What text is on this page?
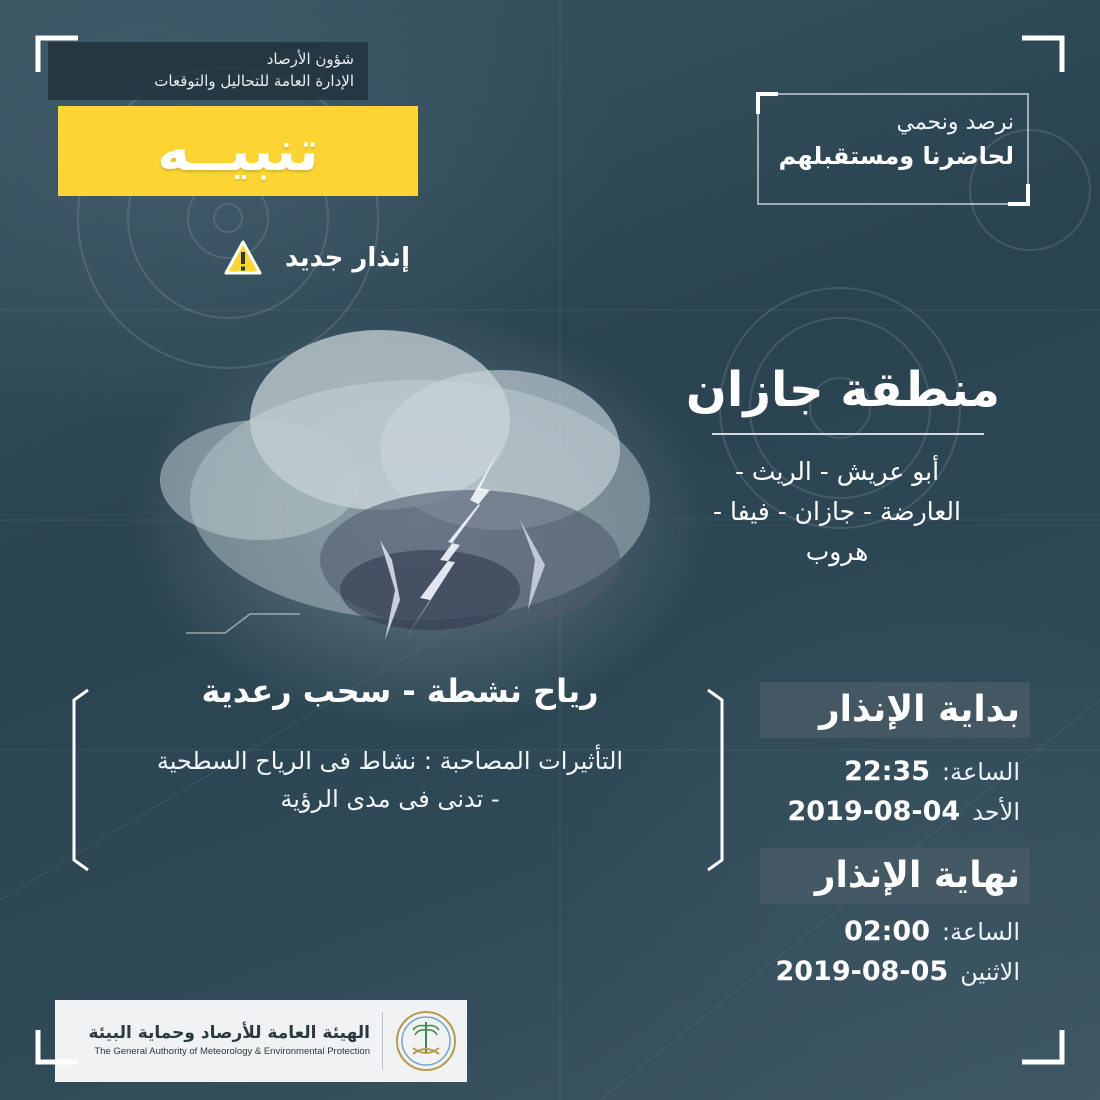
شؤون الأرصاد
الإدارة العامة للتحاليل والتوقعات
تنبيــه
إنذار جديد
نرصد ونحمي
لحاضرنا ومستقبلهم
منطقة جازان
أبو عريش - الريث -
العارضة - جازان - فيفا -
هروب
رياح نشطة - سحب رعدية
التأثيرات المصاحبة : نشاط فى الرياح السطحية
- تدنى فى مدى الرؤية
بداية الإنذار
الساعة:
22:35
الأحد
2019-08-04
نهاية الإنذار
الساعة:
02:00
الاثنين
2019-08-05
الهيئة العامة للأرصاد وحماية البيئة
The General Authority of Meteorology & Environmental Protection
